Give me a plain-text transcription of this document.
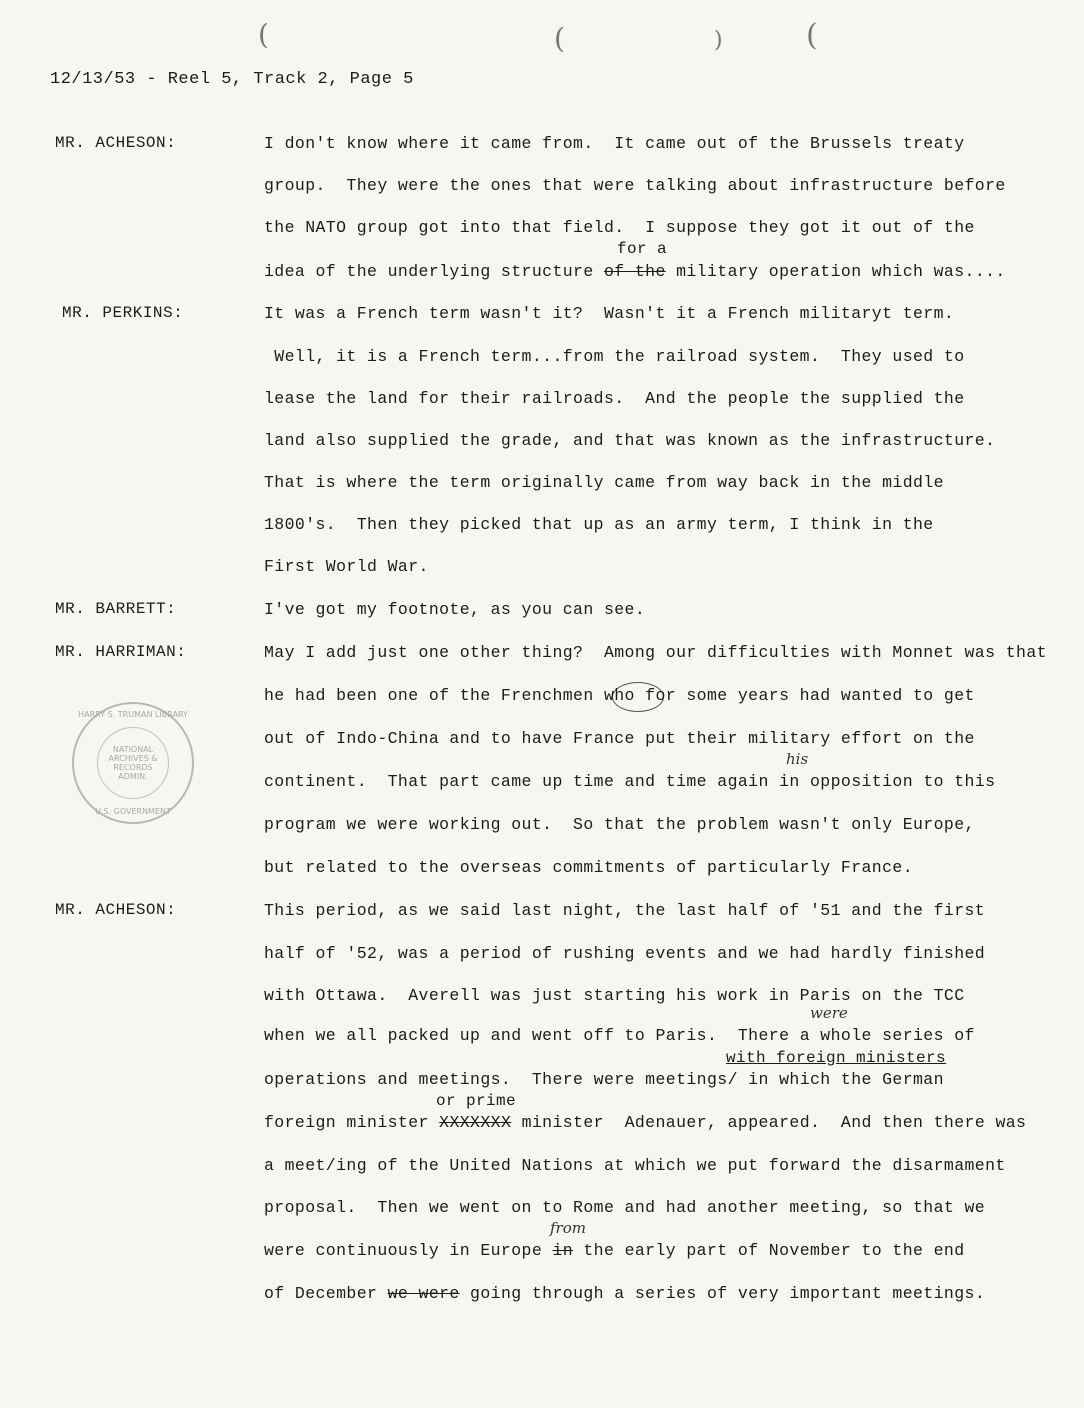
(	(	)	(
12/13/53 - Reel 5, Track 2, Page 5
MR. ACHESON:	I don't know where it came from.  It came out of the Brussels treaty
group.  They were the ones that were talking about infrastructure before
the NATO group got into that field.  I suppose they got it out of the
for a
idea of the underlying structure of the military operation which was....
MR. PERKINS:	It was a French term wasn't it?  Wasn't it a French militaryt term.
Well, it is a French term...from the railroad system.  They used to
lease the land for their railroads.  And the people the supplied the
land also supplied the grade, and that was known as the infrastructure.
That is where the term originally came from way back in the middle
1800's.  Then they picked that up as an army term, I think in the
First World War.
MR. BARRETT:	I've got my footnote, as you can see.
MR. HARRIMAN:	May I add just one other thing?  Among our difficulties with Monnet was that
he had been one of the Frenchmen who for some years had wanted to get
out of Indo-China and to have France put their military effort on the
his
continent.  That part came up time and time again in opposition to this
program we were working out.  So that the problem wasn't only Europe,
but related to the overseas commitments of particularly France.
MR. ACHESON:	This period, as we said last night, the last half of '51 and the first
half of '52, was a period of rushing events and we had hardly finished
with Ottawa.  Averell was just starting his work in Paris on the TCC
were
when we all packed up and went off to Paris.  There a whole series of
with foreign ministers
operations and meetings.  There were meetings/ in which the German
or prime
foreign minister XXXXXXX minister  Adenauer, appeared.  And then there was
a meet/ing of the United Nations at which we put forward the disarmament
proposal.  Then we went on to Rome and had another meeting, so that we
from
were continuously in Europe in the early part of November to the end
of December we were going through a series of very important meetings.
HARRY S. TRUMAN LIBRARY
NATIONAL ARCHIVES & RECORDS ADMIN.
U.S. GOVERNMENT
